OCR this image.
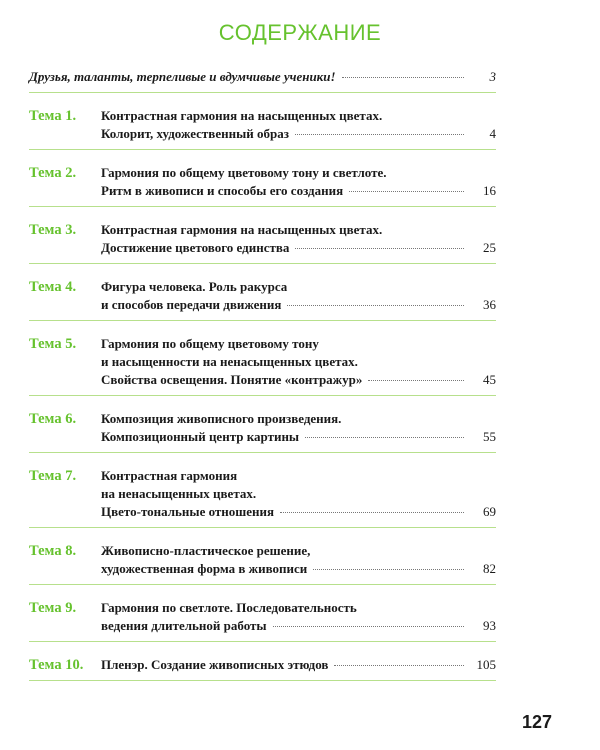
СОДЕРЖАНИЕ
Друзья, таланты, терпеливые и вдумчивые ученики!	3
Тема 1.	Контрастная гармония на насыщенных цветах.
Колорит, художественный образ	4
Тема 2.	Гармония по общему цветовому тону и светлоте.
Ритм в живописи и способы его создания	16
Тема 3.	Контрастная гармония на насыщенных цветах.
Достижение цветового единства	25
Тема 4.	Фигура человека. Роль ракурса
и способов передачи движения	36
Тема 5.	Гармония по общему цветовому тону
и насыщенности на ненасыщенных цветах.
Свойства освещения. Понятие «контражур»	45
Тема 6.	Композиция живописного произведения.
Композиционный центр картины	55
Тема 7.	Контрастная гармония
на ненасыщенных цветах.
Цвето-тональные отношения	69
Тема 8.	Живописно-пластическое решение,
художественная форма в живописи	82
Тема 9.	Гармония по светлоте. Последовательность
ведения длительной работы	93
Тема 10.	Пленэр. Создание живописных этюдов	105
127
